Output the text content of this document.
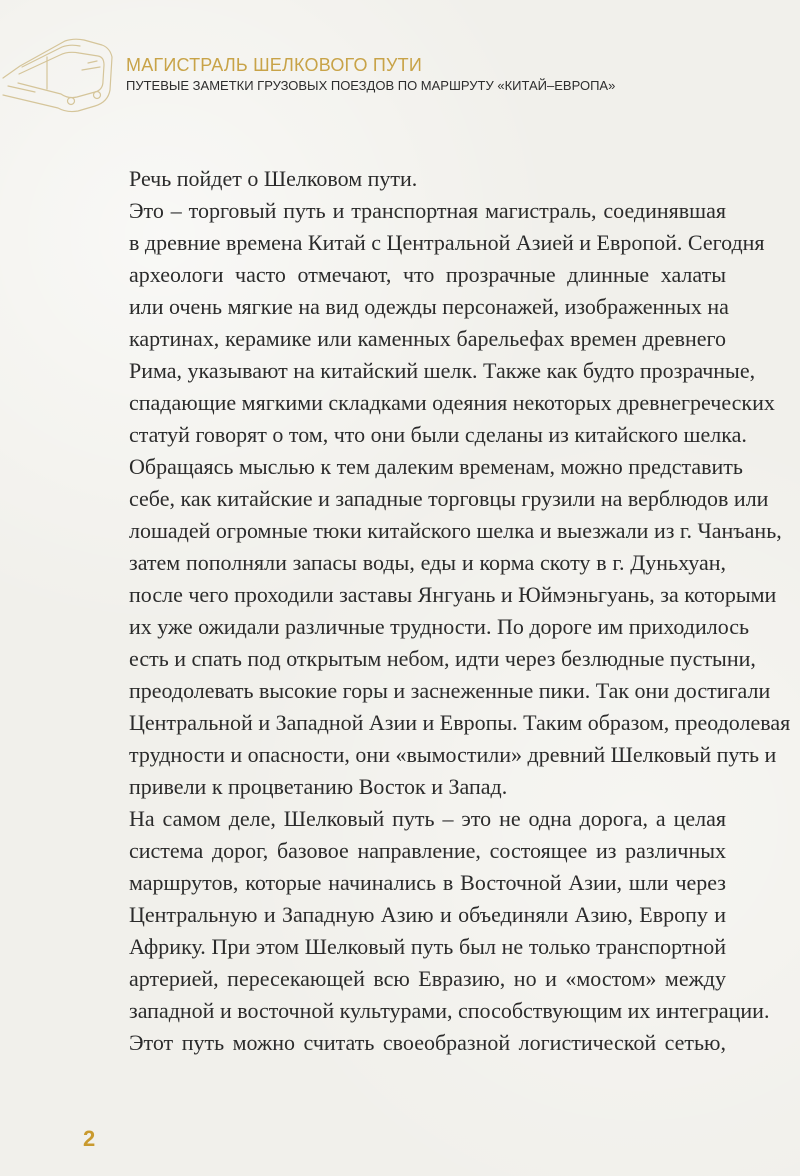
МАГИСТРАЛЬ ШЕЛКОВОГО ПУТИ
ПУТЕВЫЕ ЗАМЕТКИ ГРУЗОВЫХ ПОЕЗДОВ ПО МАРШРУТУ «КИТАЙ–ЕВРОПА»

Речь пойдет о Шелковом пути.

Это – торговый путь и транспортная магистраль, соединявшая
в древние времена Китай с Центральной Азией и Европой. Сегодня
археологи часто отмечают, что прозрачные длинные халаты
или очень мягкие на вид одежды персонажей, изображенных на
картинах, керамике или каменных барельефах времен древнего
Рима, указывают на китайский шелк. Также как будто прозрачные,
спадающие мягкими складками одеяния некоторых древнегреческих
статуй говорят о том, что они были сделаны из китайского шелка.

Обращаясь мыслью к тем далеким временам, можно представить
себе, как китайские и западные торговцы грузили на верблюдов или
лошадей огромные тюки китайского шелка и выезжали из г. Чанъань,
затем пополняли запасы воды, еды и корма скоту в г. Дуньхуан,
после чего проходили заставы Янгуань и Юймэньгуань, за которыми
их уже ожидали различные трудности. По дороге им приходилось
есть и спать под открытым небом, идти через безлюдные пустыни,
преодолевать высокие горы и заснеженные пики. Так они достигали
Центральной и Западной Азии и Европы. Таким образом, преодолевая
трудности и опасности, они «вымостили» древний Шелковый путь и
привели к процветанию Восток и Запад.

На самом деле, Шелковый путь – это не одна дорога, а целая
система дорог, базовое направление, состоящее из различных
маршрутов, которые начинались в Восточной Азии, шли через
Центральную и Западную Азию и объединяли Азию, Европу и
Африку. При этом Шелковый путь был не только транспортной
артерией, пересекающей всю Евразию, но и «мостом» между
западной и восточной культурами, способствующим их интеграции.
Этот путь можно считать своеобразной логистической сетью,

2
